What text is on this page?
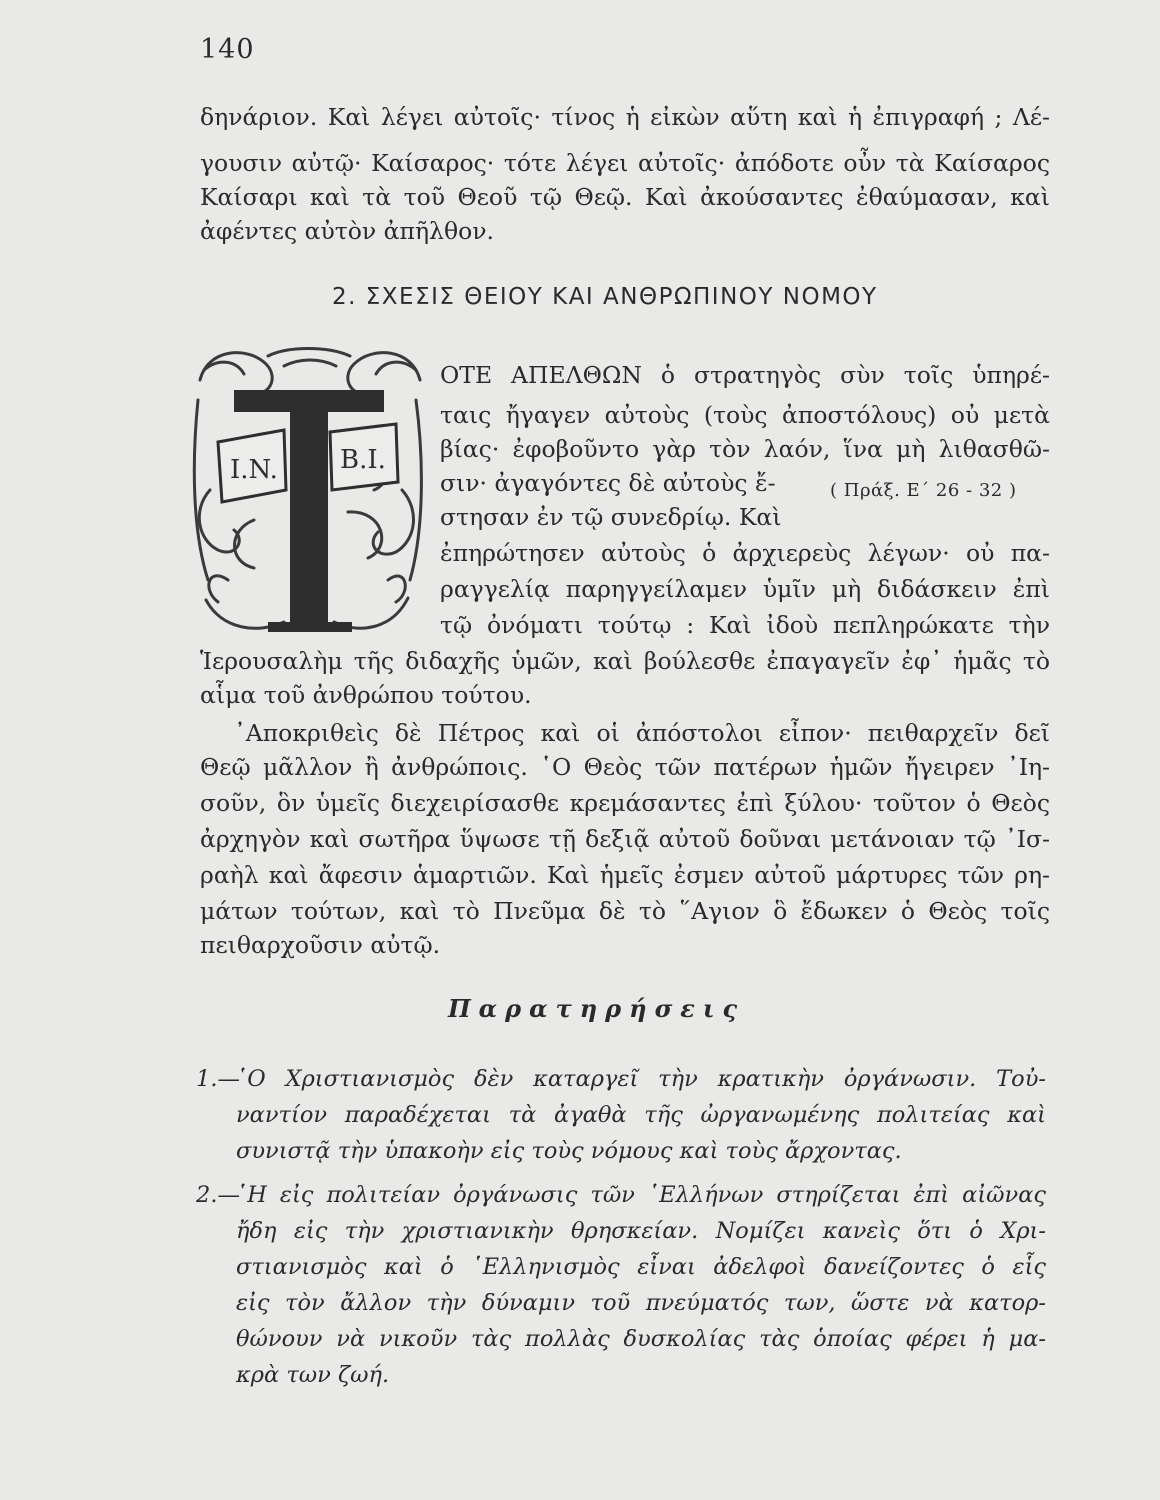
140
δηνάριον. Καὶ λέγει αὐτοῖς· τίνος ἡ εἰκὼν αὕτη καὶ ἡ ἐπιγραφή ; Λέ-
γουσιν αὐτῷ· Καίσαρος· τότε λέγει αὐτοῖς· ἀπόδοτε οὖν τὰ Καίσαρος
Καίσαρι καὶ τὰ τοῦ Θεοῦ τῷ Θεῷ. Καὶ ἀκούσαντες ἐθαύμασαν, καὶ
ἀφέντες αὐτὸν ἀπῆλθον.
2. ΣΧΕΣΙΣ ΘΕΙΟΥ ΚΑΙ ΑΝΘΡΩΠΙΝΟΥ ΝΟΜΟΥ
I.N. B.I.
T
ΟΤΕ ΑΠΕΛΘΩΝ ὁ στρατηγὸς σὺν τοῖς ὑπηρέ-
ταις ἤγαγεν αὐτοὺς (τοὺς ἀποστόλους) οὐ μετὰ
βίας· ἐφοβοῦντο γὰρ τὸν λαόν, ἵνα μὴ λιθασθῶ-
σιν· ἀγαγόντες δὲ αὐτοὺς ἔ-
στησαν ἐν τῷ συνεδρίῳ. Καὶ
ἐπηρώτησεν αὐτοὺς ὁ ἀρχιερεὺς λέγων· οὐ πα-
ραγγελίᾳ παρηγγείλαμεν ὑμῖν μὴ διδάσκειν ἐπὶ
τῷ ὀνόματι τούτῳ : Καὶ ἰδοὺ πεπληρώκατε τὴν
Ἱερουσαλὴμ τῆς διδαχῆς ὑμῶν, καὶ βούλεσθε ἐπαγαγεῖν ἐφ᾽ ἡμᾶς τὸ
αἷμα τοῦ ἀνθρώπου τούτου.
( Πράξ. Ε΄ 26 - 32 )
᾽Αποκριθεὶς δὲ Πέτρος καὶ οἱ ἀπόστολοι εἶπον· πειθαρχεῖν δεῖ
Θεῷ μᾶλλον ἢ ἀνθρώποις. ῾Ο Θεὸς τῶν πατέρων ἡμῶν ἤγειρεν ᾽Ιη-
σοῦν, ὃν ὑμεῖς διεχειρίσασθε κρεμάσαντες ἐπὶ ξύλου· τοῦτον ὁ Θεὸς
ἀρχηγὸν καὶ σωτῆρα ὕψωσε τῇ δεξιᾷ αὐτοῦ δοῦναι μετάνοιαν τῷ ᾽Ισ-
ραὴλ καὶ ἄφεσιν ἁμαρτιῶν. Καὶ ἡμεῖς ἐσμεν αὐτοῦ μάρτυρες τῶν ρη-
μάτων τούτων, καὶ τὸ Πνεῦμα δὲ τὸ ῞Αγιον ὃ ἔδωκεν ὁ Θεὸς τοῖς
πειθαρχοῦσιν αὐτῷ.
Παρατηρήσεις
1.—
῾Ο Χριστιανισμὸς δὲν καταργεῖ τὴν κρατικὴν ὀργάνωσιν. Τοὐ-
ναντίον παραδέχεται τὰ ἀγαθὰ τῆς ὠργανωμένης πολιτείας καὶ
συνιστᾷ τὴν ὑπακοὴν εἰς τοὺς νόμους καὶ τοὺς ἄρχοντας.
2.—
῾Η εἰς πολιτείαν ὀργάνωσις τῶν ῾Ελλήνων στηρίζεται ἐπὶ αἰῶνας
ἤδη εἰς τὴν χριστιανικὴν θρησκείαν. Νομίζει κανεὶς ὅτι ὁ Χρι-
στιανισμὸς καὶ ὁ ῾Ελληνισμὸς εἶναι ἀδελφοὶ δανείζοντες ὁ εἷς
εἰς τὸν ἄλλον τὴν δύναμιν τοῦ πνεύματός των, ὥστε νὰ κατορ-
θώνουν νὰ νικοῦν τὰς πολλὰς δυσκολίας τὰς ὁποίας φέρει ἡ μα-
κρὰ των ζωή.
